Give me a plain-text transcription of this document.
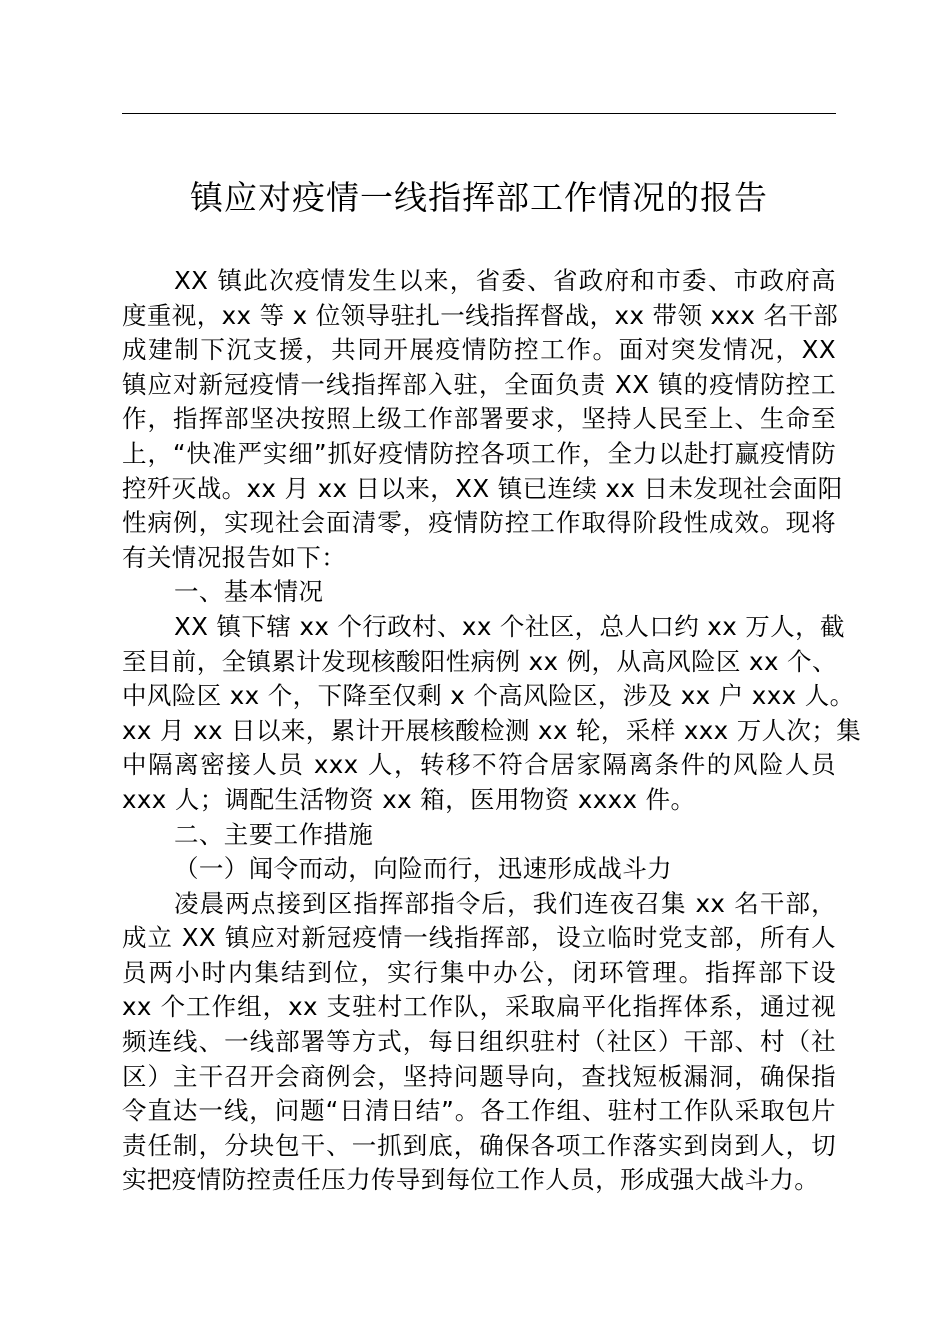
镇应对疫情一线指挥部工作情况的报告
XX 镇此次疫情发生以来，省委、省政府和市委、市政府高
度重视，xx 等 x 位领导驻扎一线指挥督战，xx 带领 xxx 名干部
成建制下沉支援，共同开展疫情防控工作。面对突发情况，XX
镇应对新冠疫情一线指挥部入驻，全面负责 XX 镇的疫情防控工
作，指挥部坚决按照上级工作部署要求，坚持人民至上、生命至
上，“快准严实细”抓好疫情防控各项工作，全力以赴打赢疫情防
控歼灭战。xx 月 xx 日以来，XX 镇已连续 xx 日未发现社会面阳
性病例，实现社会面清零，疫情防控工作取得阶段性成效。现将
有关情况报告如下：
一、基本情况
XX 镇下辖 xx 个行政村、xx 个社区，总人口约 xx 万人，截
至目前，全镇累计发现核酸阳性病例 xx 例，从高风险区 xx 个、
中风险区 xx 个，下降至仅剩 x 个高风险区，涉及 xx 户 xxx 人。
xx 月 xx 日以来，累计开展核酸检测 xx 轮，采样 xxx 万人次；集
中隔离密接人员 xxx 人，转移不符合居家隔离条件的风险人员
xxx 人；调配生活物资 xx 箱，医用物资 xxxx 件。
二、主要工作措施
（一）闻令而动，向险而行，迅速形成战斗力
凌晨两点接到区指挥部指令后，我们连夜召集 xx 名干部，
成立 XX 镇应对新冠疫情一线指挥部，设立临时党支部，所有人
员两小时内集结到位，实行集中办公，闭环管理。指挥部下设
xx 个工作组，xx 支驻村工作队，采取扁平化指挥体系，通过视
频连线、一线部署等方式，每日组织驻村（社区）干部、村（社
区）主干召开会商例会，坚持问题导向，查找短板漏洞，确保指
令直达一线，问题“日清日结”。各工作组、驻村工作队采取包片
责任制，分块包干、一抓到底，确保各项工作落实到岗到人，切
实把疫情防控责任压力传导到每位工作人员，形成强大战斗力。
